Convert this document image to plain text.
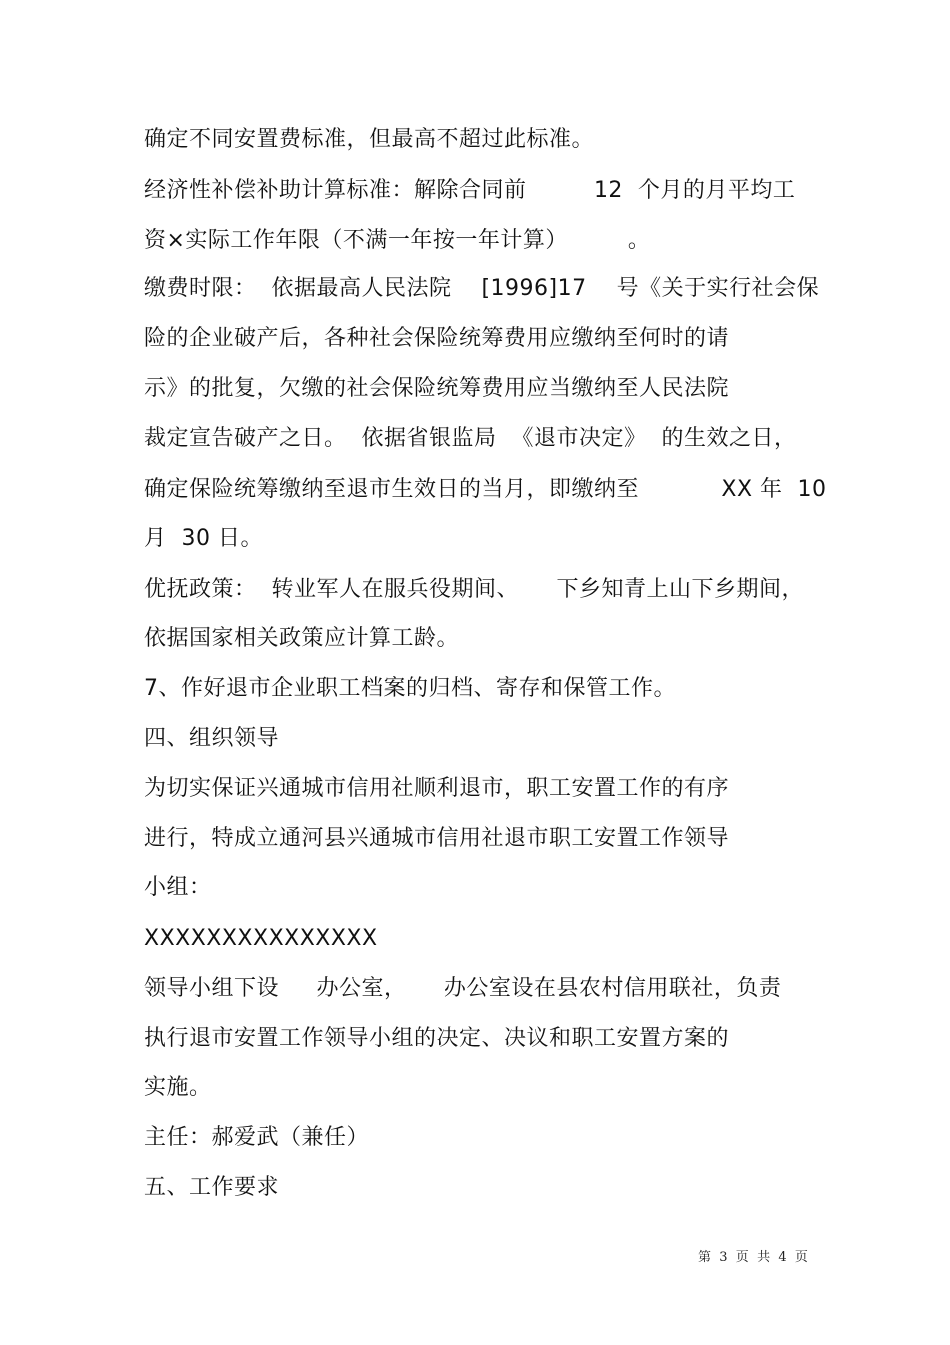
确定不同安置费标准，但最高不超过此标准。
经济性补偿补助计算标准：解除合同前         12  个月的月平均工
资×实际工作年限（不满一年按一年计算）        。
缴费时限：  依据最高人民法院    [1996]17    号《关于实行社会保
险的企业破产后，各种社会保险统筹费用应缴纳至何时的请
示》的批复，欠缴的社会保险统筹费用应当缴纳至人民法院
裁定宣告破产之日。  依据省银监局  《退市决定》  的生效之日，
确定保险统筹缴纳至退市生效日的当月，即缴纳至           XX 年  10
月  30 日。
优抚政策：  转业军人在服兵役期间、     下乡知青上山下乡期间，
依据国家相关政策应计算工龄。
7、作好退市企业职工档案的归档、寄存和保管工作。
四、组织领导
为切实保证兴通城市信用社顺利退市，职工安置工作的有序
进行，特成立通河县兴通城市信用社退市职工安置工作领导
小组：
XXXXXXXXXXXXXXX
领导小组下设     办公室，     办公室设在县农村信用联社，负责
执行退市安置工作领导小组的决定、决议和职工安置方案的
实施。
主任：郝爱武（兼任）
五、工作要求
第  3  页  共  4  页
